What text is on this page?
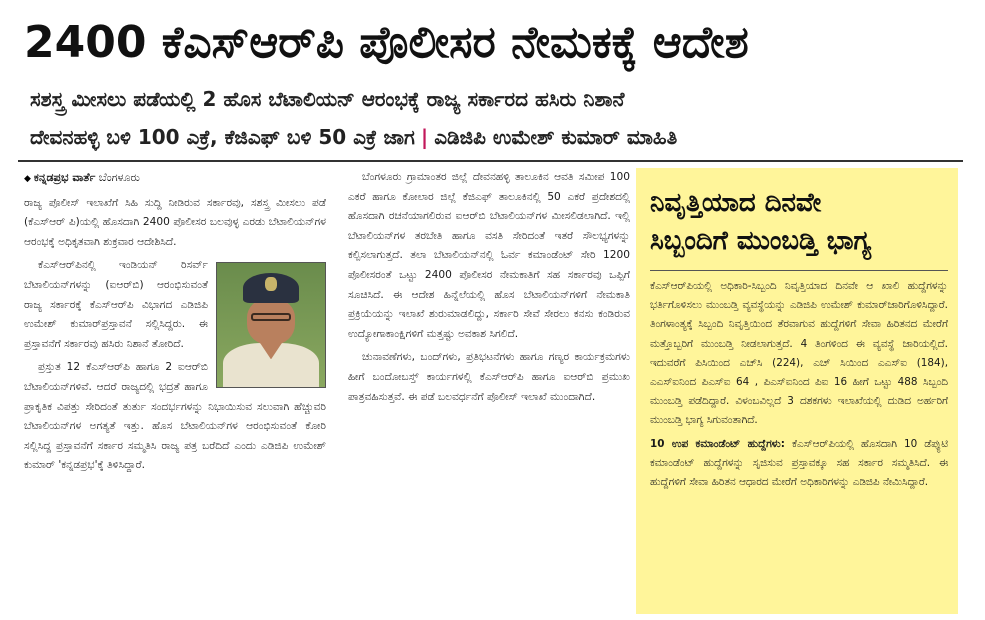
2400 ಕೆಎಸ್ಆರ್‌ಪಿ ಪೊಲೀಸರ ನೇಮಕಕ್ಕೆ ಆದೇಶ
ಸಶಸ್ತ್ರ ಮೀಸಲು ಪಡೆಯಲ್ಲಿ 2 ಹೊಸ ಬೆಟಾಲಿಯನ್ ಆರಂಭಕ್ಕೆ ರಾಜ್ಯ ಸರ್ಕಾರದ ಹಸಿರು ನಿಶಾನೆ
ದೇವನಹಳ್ಳಿ ಬಳಿ 100 ಎಕ್ರೆ, ಕೆಜಿಎಫ್ ಬಳಿ 50 ಎಕ್ರೆ ಜಾಗ | ಎಡಿಜಿಪಿ ಉಮೇಶ್ ಕುಮಾರ್ ಮಾಹಿತಿ
◆ ಕನ್ನಡಪ್ರಭ ವಾರ್ತೆ ಬೆಂಗಳೂರು

ರಾಜ್ಯ ಪೊಲೀಸ್ ಇಲಾಖೆಗೆ ಸಿಹಿ ಸುದ್ದಿ ನೀಡಿರುವ ಸರ್ಕಾರವು, ಸಶಸ್ತ್ರ ಮೀಸಲು ಪಡೆ (ಕೆಎಸ್ಆರ್ ಪಿ)ಯಲ್ಲಿ ಹೊಸದಾಗಿ 2400 ಪೊಲೀಸರ ಬಲವುಳ್ಳ ಎರಡು ಬೆಟಾಲಿಯನ್‌ಗಳ ಆರಂಭಕ್ಕೆ ಅಧಿಕೃತವಾಗಿ ಶುಕ್ರವಾರ ಆದೇಶಿಸಿದೆ.

ಕೆಎಸ್ಆರ್‌ಪಿನಲ್ಲಿ ಇಂಡಿಯನ್ ರಿಸರ್ವ್ ಬೆಟಾಲಿಯನ್‌ಗಳನ್ನು (ಐಆರ್‌ಬಿ) ಆರಂಭಿಸುವಂತೆ ರಾಜ್ಯ ಸರ್ಕಾರಕ್ಕೆ ಕೆಎಸ್ಆರ್‌ಪಿ ವಿಭಾಗದ ಎಡಿಜಿಪಿ ಉಮೇಶ್ ಕುಮಾರ್‌ಪ್ರಸ್ತಾವನೆ ಸಲ್ಲಿಸಿದ್ದರು. ಈ ಪ್ರಸ್ತಾವನೆಗೆ ಸರ್ಕಾರವು ಹಸಿರು ನಿಶಾನೆ ತೋರಿದೆ.

ಪ್ರಸ್ತುತ 12 ಕೆಎಸ್ಆರ್‌ಪಿ ಹಾಗೂ 2 ಐಆರ್‌ಬಿ ಬೆಟಾಲಿಯನ್‌ಗಳಿವೆ. ಆದರೆ ರಾಜ್ಯದಲ್ಲಿ ಭದ್ರತೆ ಹಾಗೂ ಪ್ರಾಕೃತಿಕ ವಿಪತ್ತು ಸೇರಿದಂತೆ ತುರ್ತು ಸಂದರ್ಭಗಳನ್ನು ನಿಭಾಯಿಸುವ ಸಲುವಾಗಿ ಹೆಚ್ಚುವರಿ ಬೆಟಾಲಿಯನ್‌ಗಳ ಅಗತ್ಯತೆ ಇತ್ತು. ಹೊಸ ಬೆಟಾಲಿಯನ್‌ಗಳ ಆರಂಭಿಸುವಂತೆ ಕೋರಿ ಸಲ್ಲಿಸಿದ್ದ ಪ್ರಸ್ತಾವನೆಗೆ ಸರ್ಕಾರ ಸಮ್ಮತಿಸಿ ರಾಜ್ಯ ಪತ್ರ ಬರೆದಿದೆ ಎಂದು ಎಡಿಜಿಪಿ ಉಮೇಶ್ ಕುಮಾರ್ 'ಕನ್ನಡಪ್ರಭ'ಕ್ಕೆ ತಿಳಿಸಿದ್ದಾರೆ.

ಬೆಂಗಳೂರು ಗ್ರಾಮಾಂತರ ಜಿಲ್ಲೆ ದೇವನಹಳ್ಳಿ ತಾಲೂಕಿನ ಆವತಿ ಸಮೀಪ 100 ಎಕರೆ ಹಾಗೂ ಕೋಲಾರ ಜಿಲ್ಲೆ ಕೆಜಿಎಫ್ ತಾಲೂಕಿನಲ್ಲಿ 50 ಎಕರೆ ಪ್ರದೇಶದಲ್ಲಿ ಹೊಸದಾಗಿ ರಚನೆಯಾಗಲಿರುವ ಐಆರ್‌ಬಿ ಬೆಟಾಲಿಯನ್‌ಗಳ ಮೀಸಲಿಡಲಾಗಿದೆ. ಇಲ್ಲಿ ಬೆಟಾಲಿಯನ್‌ಗಳ ತರಬೇತಿ ಹಾಗೂ ವಸತಿ ಸೇರಿದಂತೆ ಇತರೆ ಸೌಲಭ್ಯಗಳನ್ನು ಕಲ್ಪಿಸಲಾಗುತ್ತದೆ. ತಲಾ ಬೆಟಾಲಿಯನ್‌ನಲ್ಲಿ ಓರ್ವ ಕಮಾಂಡೆಂಟ್ ಸೇರಿ 1200 ಪೊಲೀಸರಂತೆ ಒಟ್ಟು 2400 ಪೊಲೀಸರ ನೇಮಕಾತಿಗೆ ಸಹ ಸರ್ಕಾರವು ಒಪ್ಪಿಗೆ ಸೂಚಿಸಿದೆ. ಈ ಆದೇಶ ಹಿನ್ನೆಲೆಯಲ್ಲಿ ಹೊಸ ಬೆಟಾಲಿಯನ್‌ಗಳಿಗೆ ನೇಮಕಾತಿ ಪ್ರಕ್ರಿಯೆಯನ್ನು ಇಲಾಖೆ ಶುರುಮಾಡಲಿದ್ದು, ಸರ್ಕಾರಿ ಸೇವೆ ಸೇರಲು ಕನಸು ಕಂಡಿರುವ ಉದ್ಯೋಗಾಕಾಂಕ್ಷಿಗಳಿಗೆ ಮತ್ತಷ್ಟು ಅವಕಾಶ ಸಿಗಲಿದೆ.

ಚುನಾವಣೆಗಳು, ಬಂದ್‌ಗಳು, ಪ್ರತಿಭಟನೆಗಳು ಹಾಗೂ ಗಣ್ಯರ ಕಾರ್ಯಕ್ರಮಗಳು ಹೀಗೆ ಬಂದೋಬಸ್ತ್ ಕಾರ್ಯಗಳಲ್ಲಿ ಕೆಎಸ್ಆರ್‌ಪಿ ಹಾಗೂ ಐಆರ್‌ಬಿ ಪ್ರಮುಖ ಪಾತ್ರವಹಿಸುತ್ತವೆ. ಈ ಪಡೆ ಬಲವರ್ಧನೆಗೆ ಪೊಲೀಸ್ ಇಲಾಖೆ ಮುಂದಾಗಿದೆ.

ನಿವೃತ್ತಿಯಾದ ದಿನವೇ
ಸಿಬ್ಬಂದಿಗೆ ಮುಂಬಡ್ತಿ ಭಾಗ್ಯ

ಕೆಎಸ್ಆರ್‌ಪಿಯಲ್ಲಿ ಅಧಿಕಾರಿ-ಸಿಬ್ಬಂದಿ ನಿವೃತ್ತಿಯಾದ ದಿನವೇ ಆ ಖಾಲಿ ಹುದ್ದೆಗಳನ್ನು ಭರ್ತಿಗೊಳಿಸಲು ಮುಂಬಡ್ತಿ ವ್ಯವಸ್ಥೆಯನ್ನು ಎಡಿಜಿಪಿ ಉಮೇಶ್ ಕುಮಾರ್‌ಜಾರಿಗೊಳಿಸಿದ್ದಾರೆ. ತಿಂಗಳಾಂತ್ಯಕ್ಕೆ ಸಿಬ್ಬಂದಿ ನಿವೃತ್ತಿಯಿಂದ ತೆರವಾಗುವ ಹುದ್ದೆಗಳಿಗೆ ಸೇವಾ ಹಿರಿತನದ ಮೇರೆಗೆ ಮತ್ತೊಬ್ಬರಿಗೆ ಮುಂಬಡ್ತಿ ನೀಡಲಾಗುತ್ತದೆ. 4 ತಿಂಗಳಿಂದ ಈ ವ್ಯವಸ್ಥೆ ಜಾರಿಯಲ್ಲಿದೆ. ಇದುವರೆಗೆ ಪಿಸಿಯಿಂದ ಎಚ್‌ಸಿ (224), ಎಚ್ ಸಿಯಿಂದ ಎಎಸ್ಐ (184), ಎಎಸ್ಐನಿಂದ ಪಿಎಸ್ಐ 64 , ಪಿಎಸ್ಐನಿಂದ ಪಿಐ 16 ಹೀಗೆ ಒಟ್ಟು 488 ಸಿಬ್ಬಂದಿ ಮುಂಬಡ್ತಿ ಪಡೆದಿದ್ದಾರೆ. ವಿಳಂಬವಿಲ್ಲದೆ 3 ದಶಕಗಳು ಇಲಾಖೆಯಲ್ಲಿ ದುಡಿದ ಅರ್ಹರಿಗೆ ಮುಂಬಡ್ತಿ ಭಾಗ್ಯ ಸಿಗುವಂತಾಗಿದೆ.

10 ಉಪ ಕಮಾಂಡೆಂಟ್ ಹುದ್ದೆಗಳು: ಕೆಎಸ್ಆರ್‌ಪಿಯಲ್ಲಿ ಹೊಸದಾಗಿ 10 ಡೆಪ್ಯುಟಿ ಕಮಾಂಡೆಂಟ್ ಹುದ್ದೆಗಳನ್ನು ಸೃಜಿಸುವ ಪ್ರಸ್ತಾವಕ್ಕೂ ಸಹ ಸರ್ಕಾರ ಸಮ್ಮತಿಸಿದೆ. ಈ ಹುದ್ದೆಗಳಿಗೆ ಸೇವಾ ಹಿರಿತನ ಆಧಾರದ ಮೇರೆಗೆ ಅಧಿಕಾರಿಗಳನ್ನು ಎಡಿಜಿಪಿ ನೇಮಿಸಿದ್ದಾರೆ.
